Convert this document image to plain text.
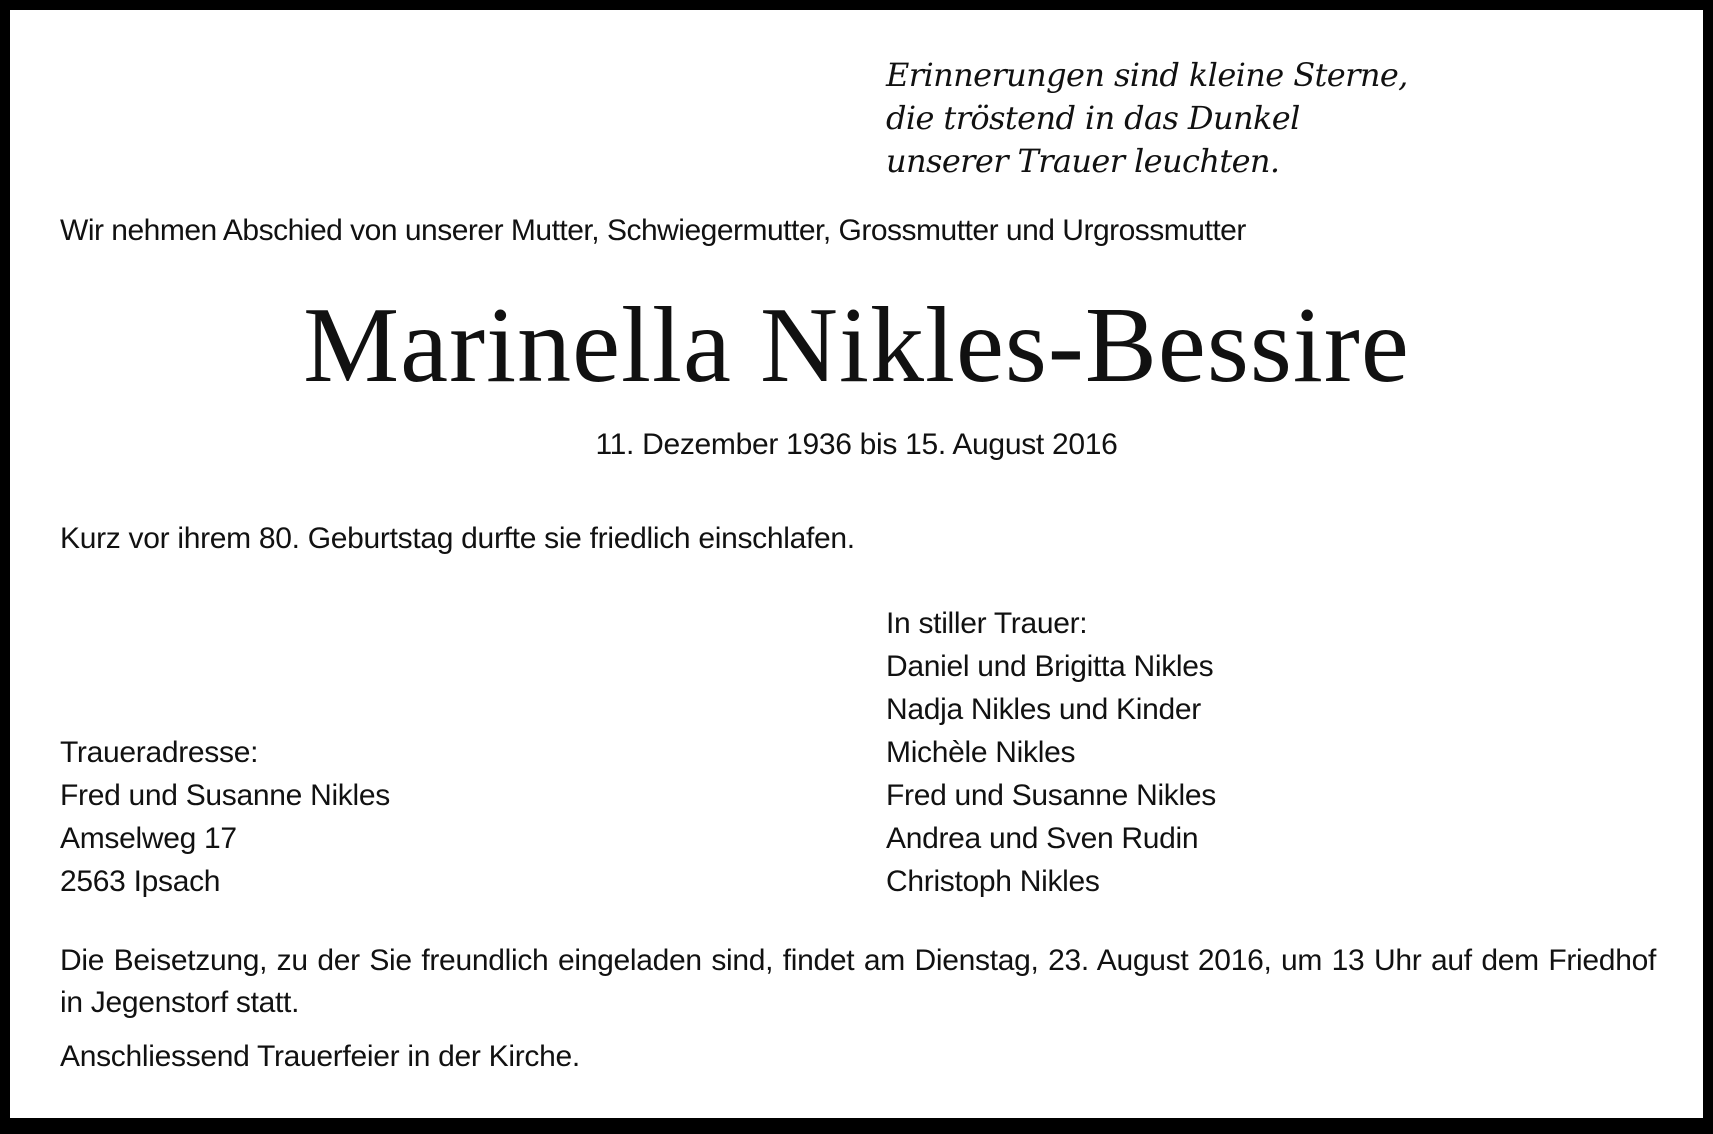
Erinnerungen sind kleine Sterne,
die tröstend in das Dunkel
unserer Trauer leuchten.
Wir nehmen Abschied von unserer Mutter, Schwiegermutter, Grossmutter und Urgrossmutter
Marinella Nikles-Bessire
11. Dezember 1936 bis 15. August 2016
Kurz vor ihrem 80. Geburtstag durfte sie friedlich einschlafen.
In stiller Trauer:
Daniel und Brigitta Nikles
Nadja Nikles und Kinder
Michèle Nikles
Fred und Susanne Nikles
Andrea und Sven Rudin
Christoph Nikles
Traueradresse:
Fred und Susanne Nikles
Amselweg 17
2563 Ipsach
Die Beisetzung, zu der Sie freundlich eingeladen sind, findet am Dienstag, 23. August 2016, um 13 Uhr auf dem Friedhof in Jegenstorf statt.
Anschliessend Trauerfeier in der Kirche.
